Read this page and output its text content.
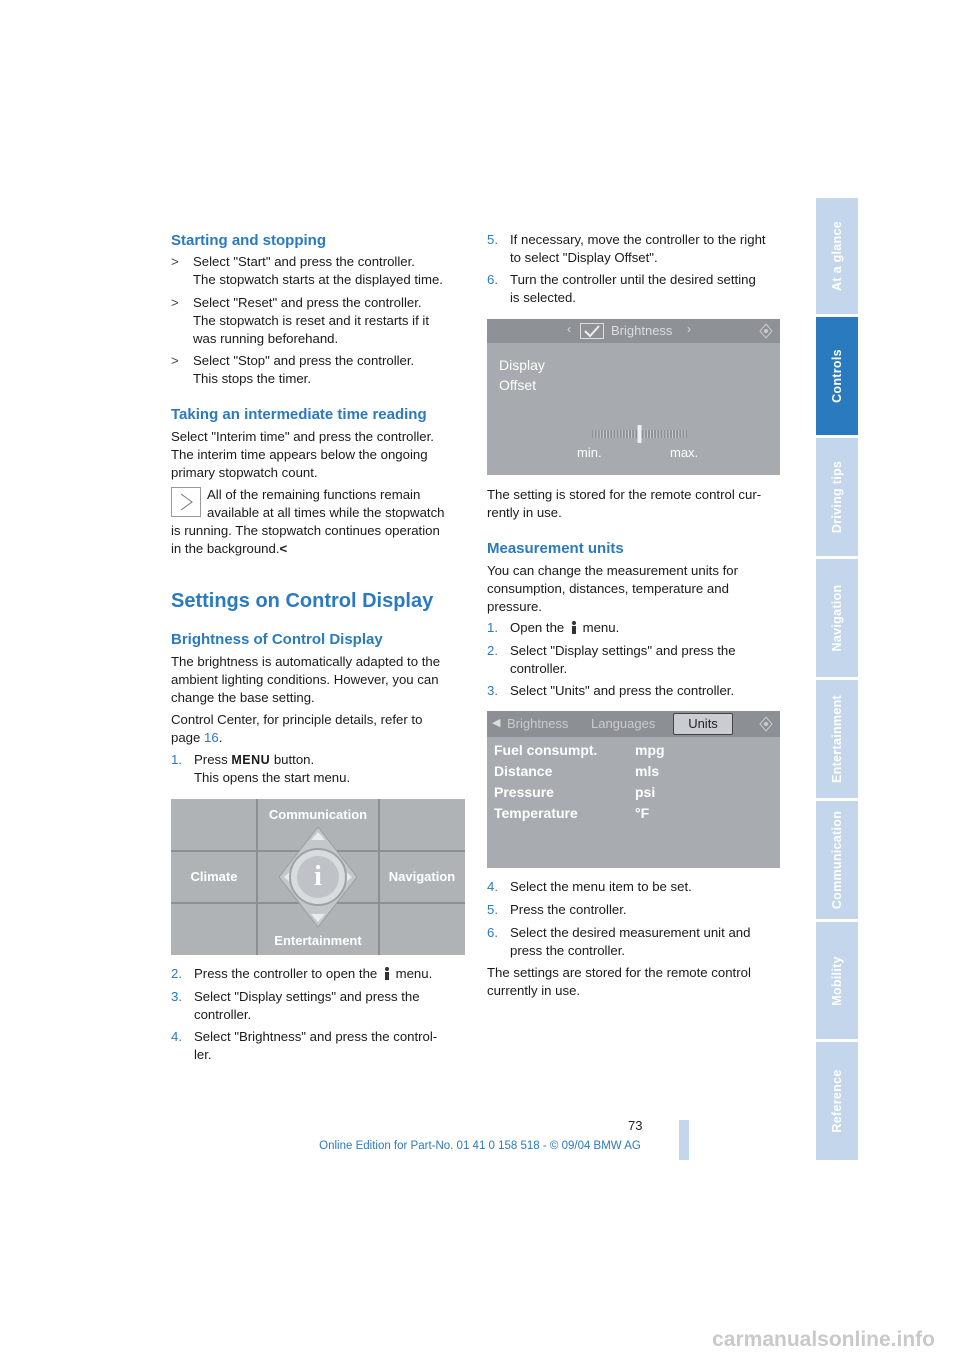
Starting and stopping
> Select "Start" and press the controller.
The stopwatch starts at the displayed time.
> Select "Reset" and press the controller.
The stopwatch is reset and it restarts if it
was running beforehand.
> Select "Stop" and press the controller.
This stops the timer.
Taking an intermediate time reading
Select "Interim time" and press the controller.
The interim time appears below the ongoing
primary stopwatch count.
All of the remaining functions remain
available at all times while the stopwatch
is running. The stopwatch continues operation
in the background.<
Settings on Control Display
Brightness of Control Display
The brightness is automatically adapted to the
ambient lighting conditions. However, you can
change the base setting.
Control Center, for principle details, refer to
page 16.
1. Press MENU button.
This opens the start menu.
Communication
Climate	Navigation
Entertainment
i
2. Press the controller to open the  menu.
3. Select "Display settings" and press the
controller.
4. Select "Brightness" and press the control-
ler.
5. If necessary, move the controller to the right
to select "Display Offset".
6. Turn the controller until the desired setting
is selected.
‹	Brightness ›
Display
Offset
min.	max.
The setting is stored for the remote control cur-
rently in use.
Measurement units
You can change the measurement units for
consumption, distances, temperature and
pressure.
1. Open the  menu.
2. Select "Display settings" and press the
controller.
3. Select "Units" and press the controller.
◀ Brightness Languages	Units
Fuel consumpt.	mpg
Distance	mls
Pressure	psi
Temperature	°F
4. Select the menu item to be set.
5. Press the controller.
6. Select the desired measurement unit and
press the controller.
The settings are stored for the remote control
currently in use.
At a glance
Controls
Driving tips
Navigation
Entertainment
Communication
Mobility
Reference
73
Online Edition for Part-No. 01 41 0 158 518 - © 09/04 BMW AG
carmanualsonline.info
